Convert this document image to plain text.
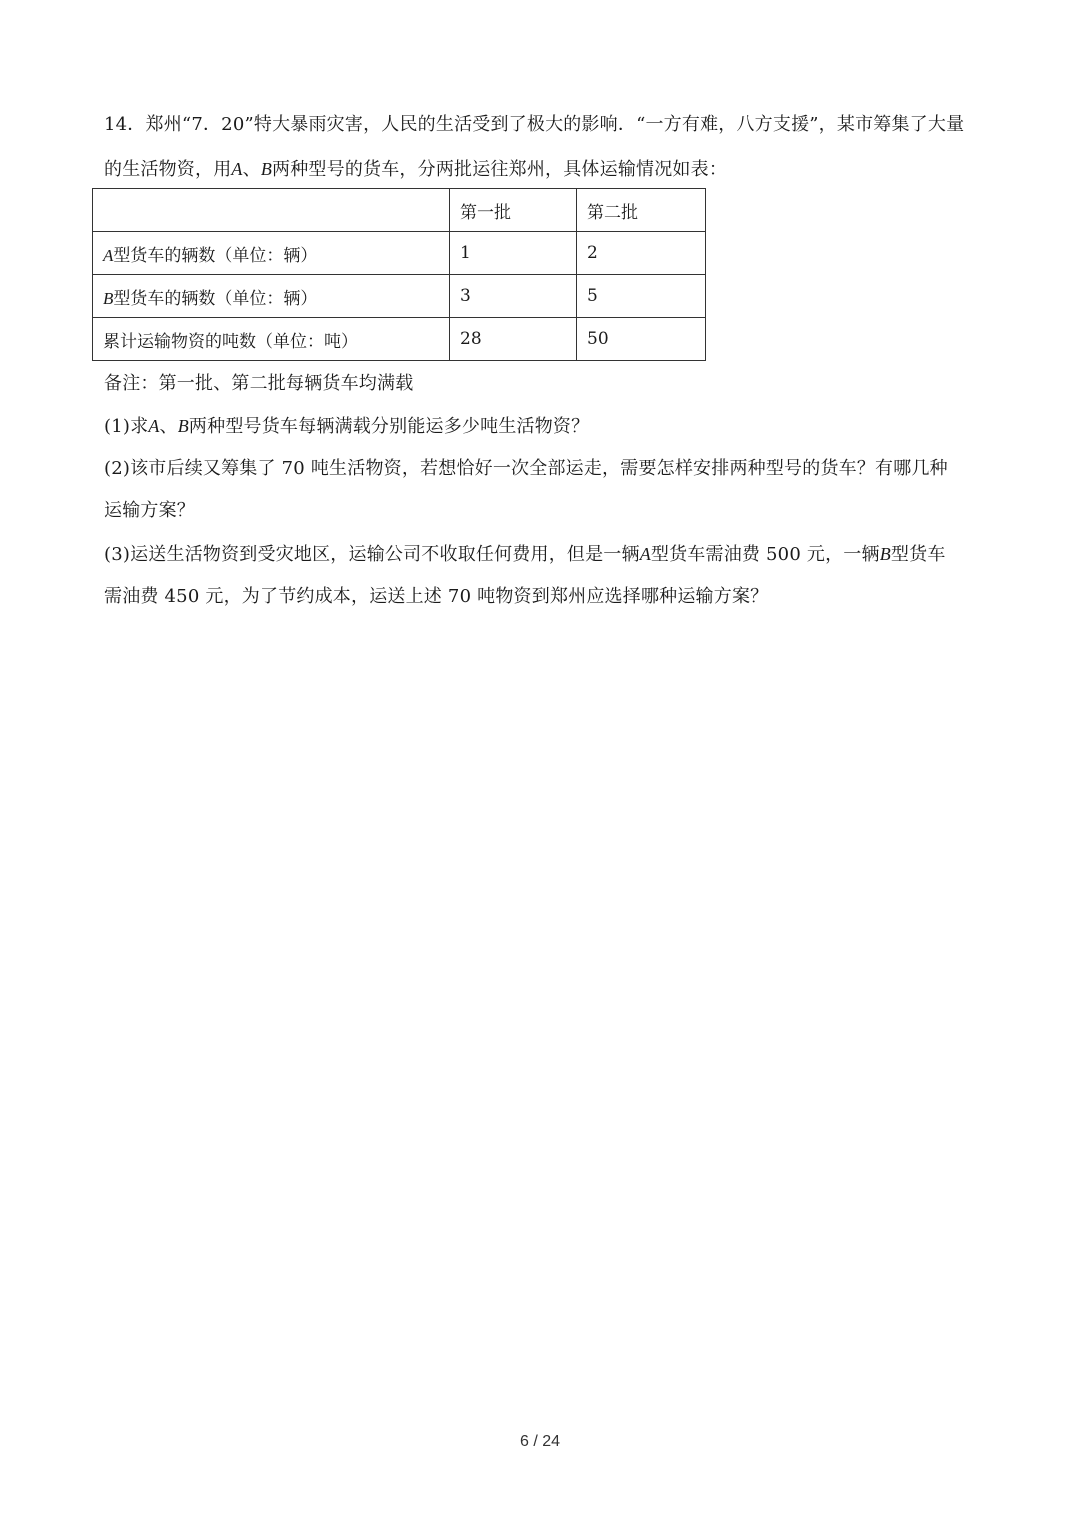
14．郑州“7．20”特大暴雨灾害，人民的生活受到了极大的影响．“一方有难，八方支援”，某市筹集了大量
的生活物资，用A、B两种型号的货车，分两批运往郑州，具体运输情况如表：
	第一批	第二批
A型货车的辆数（单位：辆）	1	2
B型货车的辆数（单位：辆）	3	5
累计运输物资的吨数（单位：吨）	28	50
备注：第一批、第二批每辆货车均满载
(1)求A、B两种型号货车每辆满载分别能运多少吨生活物资？
(2)该市后续又筹集了 70 吨生活物资，若想恰好一次全部运走，需要怎样安排两种型号的货车？有哪几种
运输方案？
(3)运送生活物资到受灾地区，运输公司不收取任何费用，但是一辆A型货车需油费 500 元，一辆B型货车
需油费 450 元，为了节约成本，运送上述 70 吨物资到郑州应选择哪种运输方案？
6 / 24
